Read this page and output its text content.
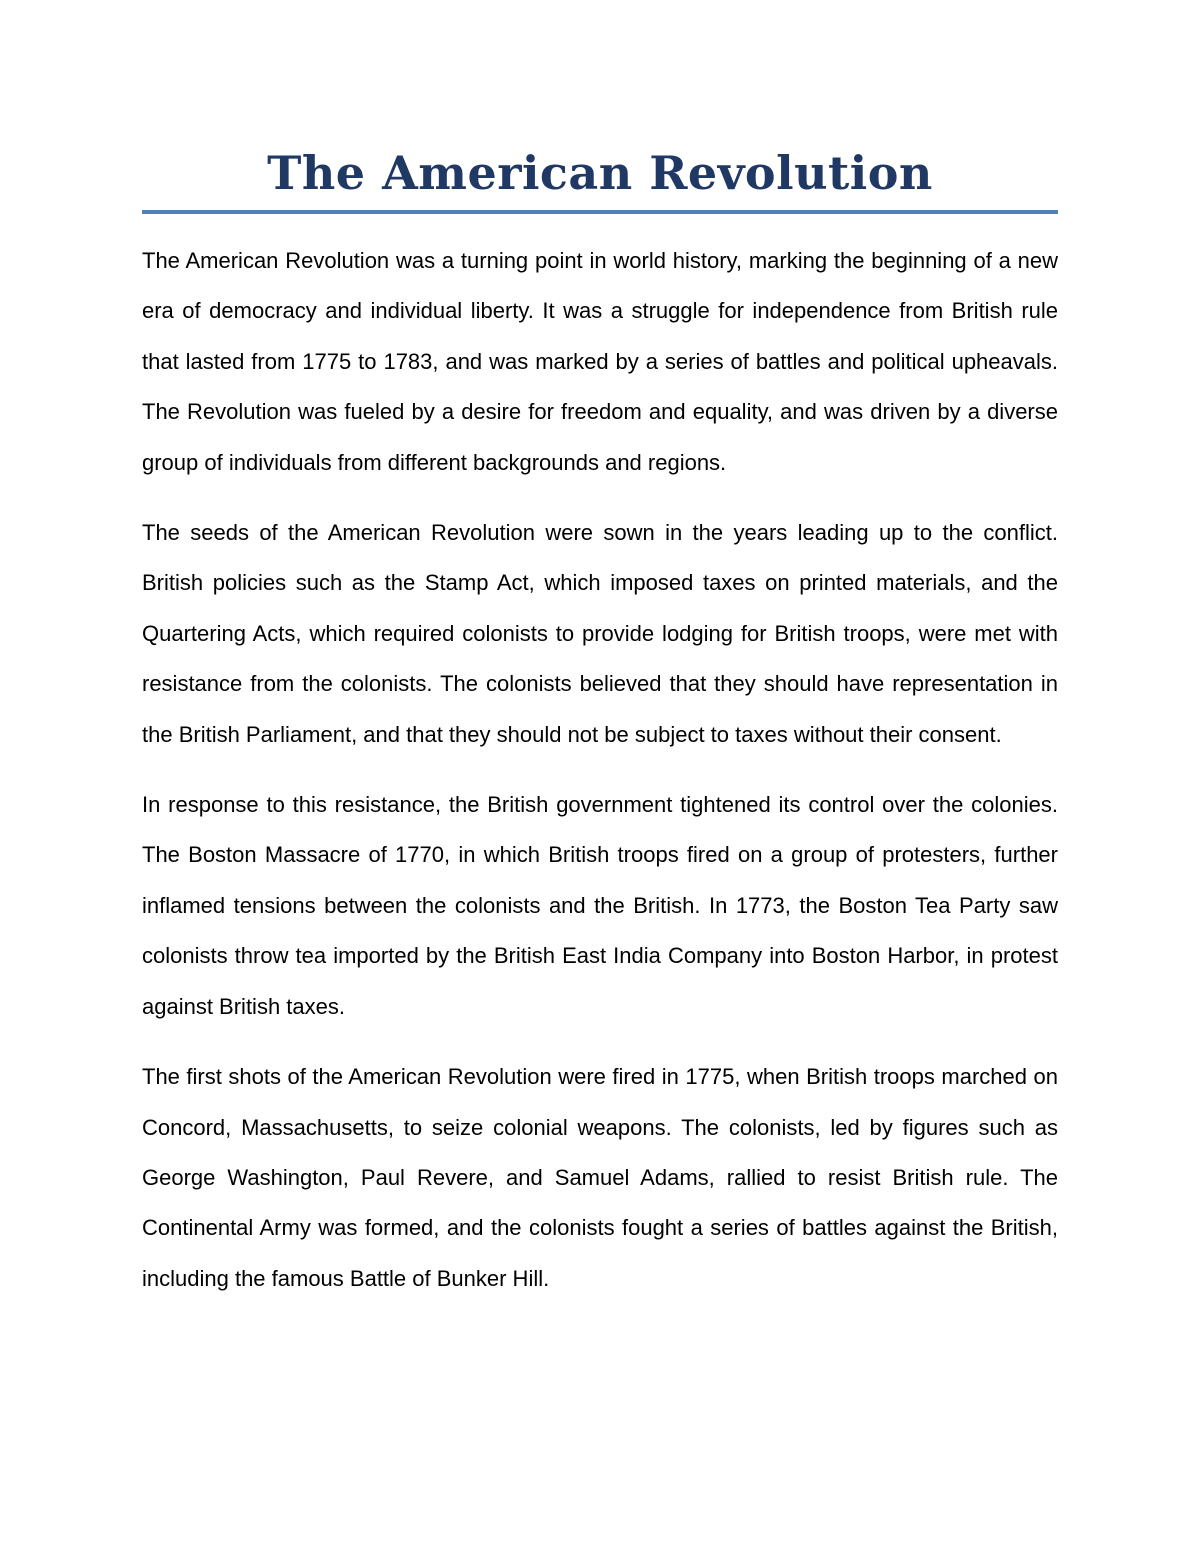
The American Revolution

The American Revolution was a turning point in world history, marking the beginning of a new era of democracy and individual liberty. It was a struggle for independence from British rule that lasted from 1775 to 1783, and was marked by a series of battles and political upheavals. The Revolution was fueled by a desire for freedom and equality, and was driven by a diverse group of individuals from different backgrounds and regions.

The seeds of the American Revolution were sown in the years leading up to the conflict. British policies such as the Stamp Act, which imposed taxes on printed materials, and the Quartering Acts, which required colonists to provide lodging for British troops, were met with resistance from the colonists. The colonists believed that they should have representation in the British Parliament, and that they should not be subject to taxes without their consent.

In response to this resistance, the British government tightened its control over the colonies. The Boston Massacre of 1770, in which British troops fired on a group of protesters, further inflamed tensions between the colonists and the British. In 1773, the Boston Tea Party saw colonists throw tea imported by the British East India Company into Boston Harbor, in protest against British taxes.

The first shots of the American Revolution were fired in 1775, when British troops marched on Concord, Massachusetts, to seize colonial weapons. The colonists, led by figures such as George Washington, Paul Revere, and Samuel Adams, rallied to resist British rule. The Continental Army was formed, and the colonists fought a series of battles against the British, including the famous Battle of Bunker Hill.
